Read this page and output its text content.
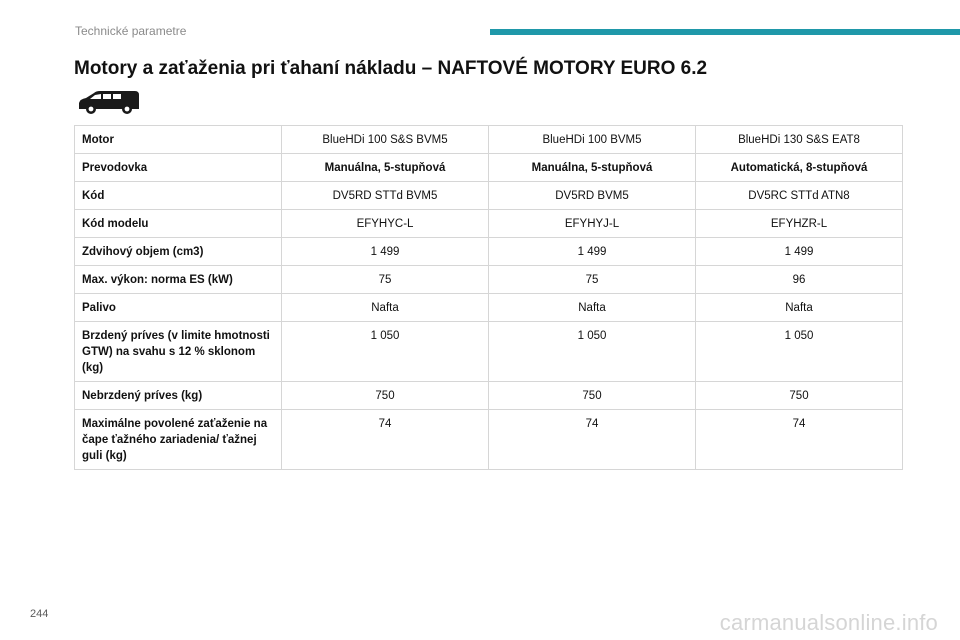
Technické parametre
Motory a zaťaženia pri ťahaní nákladu – NAFTOVÉ MOTORY EURO 6.2
Motor	BlueHDi 100 S&S BVM5	BlueHDi 100 BVM5	BlueHDi 130 S&S EAT8
Prevodovka	Manuálna, 5-stupňová	Manuálna, 5-stupňová	Automatická, 8-stupňová
Kód	DV5RD STTd BVM5	DV5RD BVM5	DV5RC STTd ATN8
Kód modelu	EFYHYC-L	EFYHYJ-L	EFYHZR-L
Zdvihový objem (cm3)	1 499	1 499	1 499
Max. výkon: norma ES (kW)	75	75	96
Palivo	Nafta	Nafta	Nafta
Brzdený príves (v limite hmotnosti GTW) na svahu s 12 % sklonom (kg)	1 050	1 050	1 050
Nebrzdený príves (kg)	750	750	750
Maximálne povolené zaťaženie na čape ťažného zariadenia/ ťažnej guli (kg)	74	74	74
244	carmanualsonline.info
